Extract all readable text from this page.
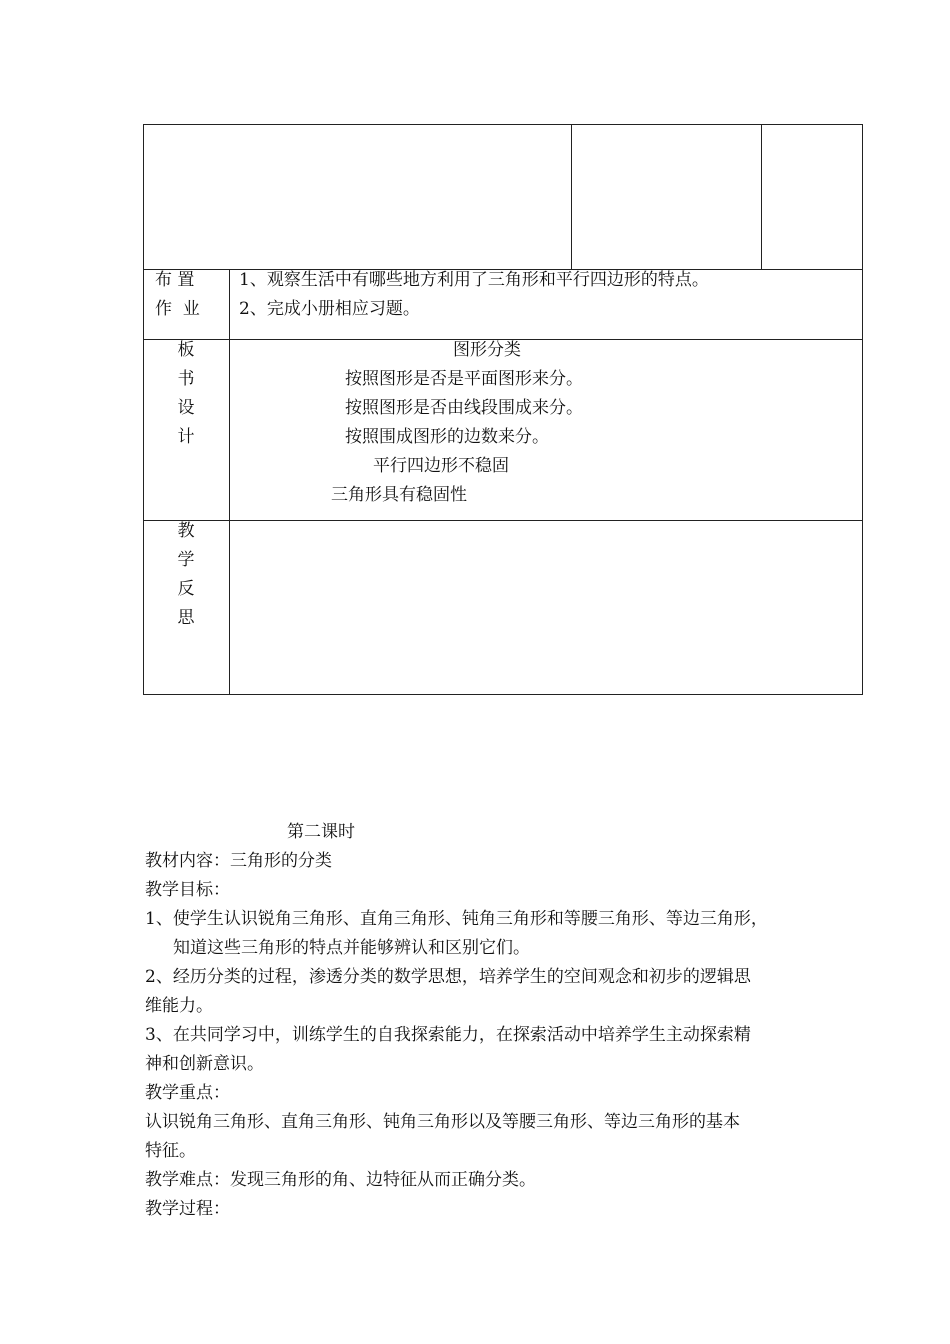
布 置
作  业
1、观察生活中有哪些地方利用了三角形和平行四边形的特点。
2、完成小册相应习题。
板
书
设
计
图形分类
按照图形是否是平面图形来分。
按照图形是否由线段围成来分。
按照围成图形的边数来分。
平行四边形不稳固
三角形具有稳固性
教
学
反
思
第二课时
教材内容：三角形的分类
教学目标：
1、使学生认识锐角三角形、直角三角形、钝角三角形和等腰三角形、等边三角形，
知道这些三角形的特点并能够辨认和区别它们。
2、经历分类的过程，渗透分类的数学思想，培养学生的空间观念和初步的逻辑思
维能力。
3、在共同学习中，训练学生的自我探索能力，在探索活动中培养学生主动探索精
神和创新意识。
教学重点：
认识锐角三角形、直角三角形、钝角三角形以及等腰三角形、等边三角形的基本
特征。
教学难点：发现三角形的角、边特征从而正确分类。
教学过程：
